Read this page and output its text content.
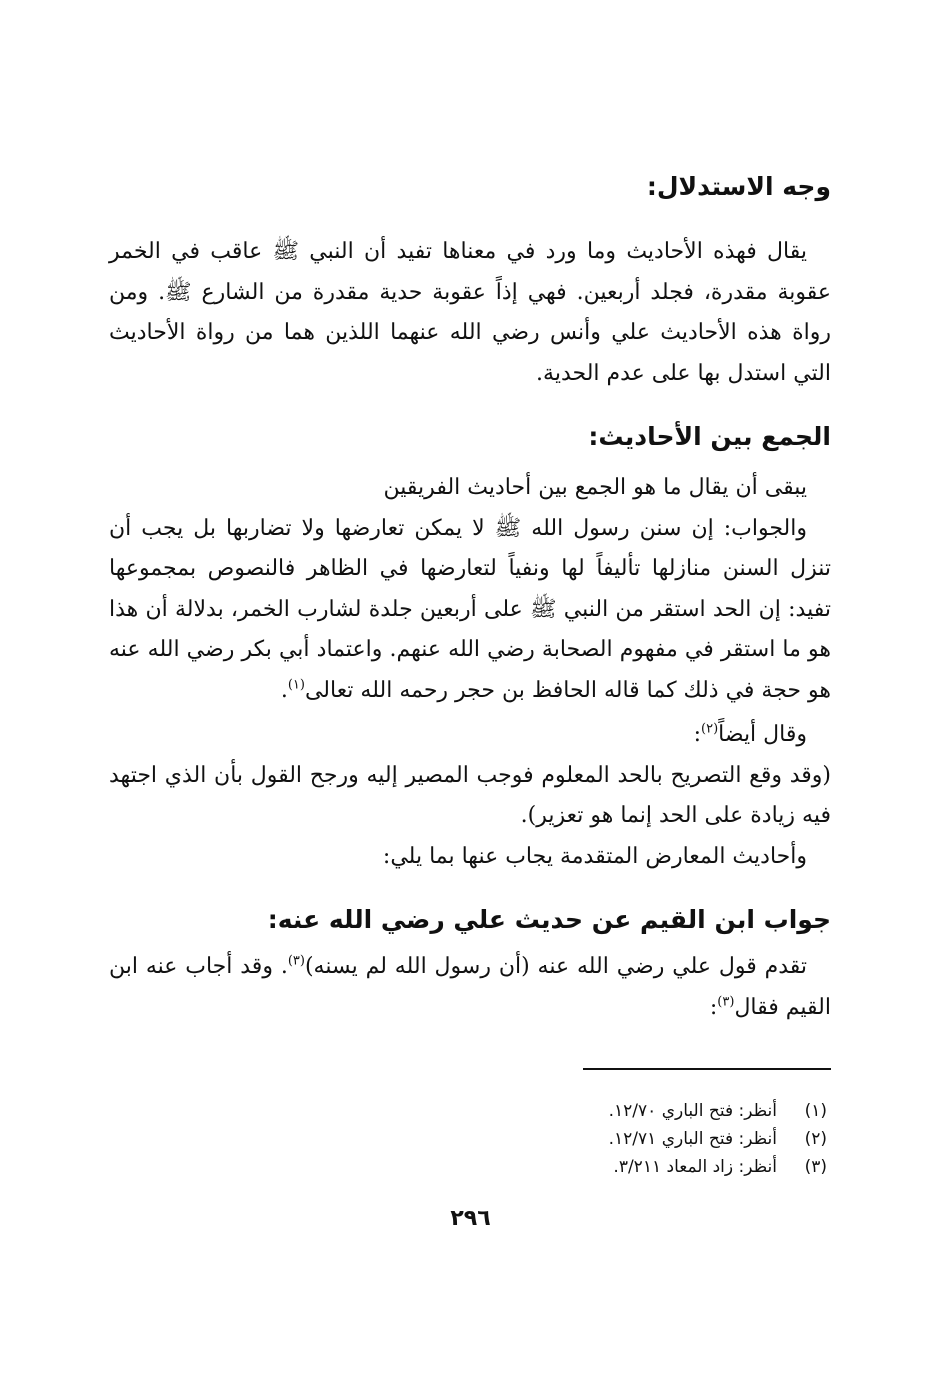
وجه الاستدلال:

يقال فهذه الأحاديث وما ورد في معناها تفيد أن النبي ﷺ عاقب في الخمر عقوبة مقدرة، فجلد أربعين. فهي إذاً عقوبة حدية مقدرة من الشارع ﷺ. ومن رواة هذه الأحاديث علي وأنس رضي الله عنهما اللذين هما من رواة الأحاديث التي استدل بها على عدم الحدية.

الجمع بين الأحاديث:

يبقى أن يقال ما هو الجمع بين أحاديث الفريقين

والجواب: إن سنن رسول الله ﷺ لا يمكن تعارضها ولا تضاربها بل يجب أن تنزل السنن منازلها تأليفاً لها ونفياً لتعارضها في الظاهر فالنصوص بمجموعها تفيد: إن الحد استقر من النبي ﷺ على أربعين جلدة لشارب الخمر، بدلالة أن هذا هو ما استقر في مفهوم الصحابة رضي الله عنهم. واعتماد أبي بكر رضي الله عنه هو حجة في ذلك كما قاله الحافظ بن حجر رحمه الله تعالى$^{(١)}$.

وقال أيضاً$^{(٢)}$:

(وقد وقع التصريح بالحد المعلوم فوجب المصير إليه ورجح القول بأن الذي اجتهد فيه زيادة على الحد إنما هو تعزير).

وأحاديث المعارض المتقدمة يجاب عنها بما يلي:

جواب ابن القيم عن حديث علي رضي الله عنه:

تقدم قول علي رضي الله عنه (أن رسول الله لم يسنه)$^{(٣)}$. وقد أجاب عنه ابن القيم فقال$^{(٣)}$:

(١)
أنظر: فتح الباري ١٢/٧٠.
(٢)
أنظر: فتح الباري ١٢/٧١.
(٣)
أنظر: زاد المعاد ٣/٢١١.
٢٩٦
